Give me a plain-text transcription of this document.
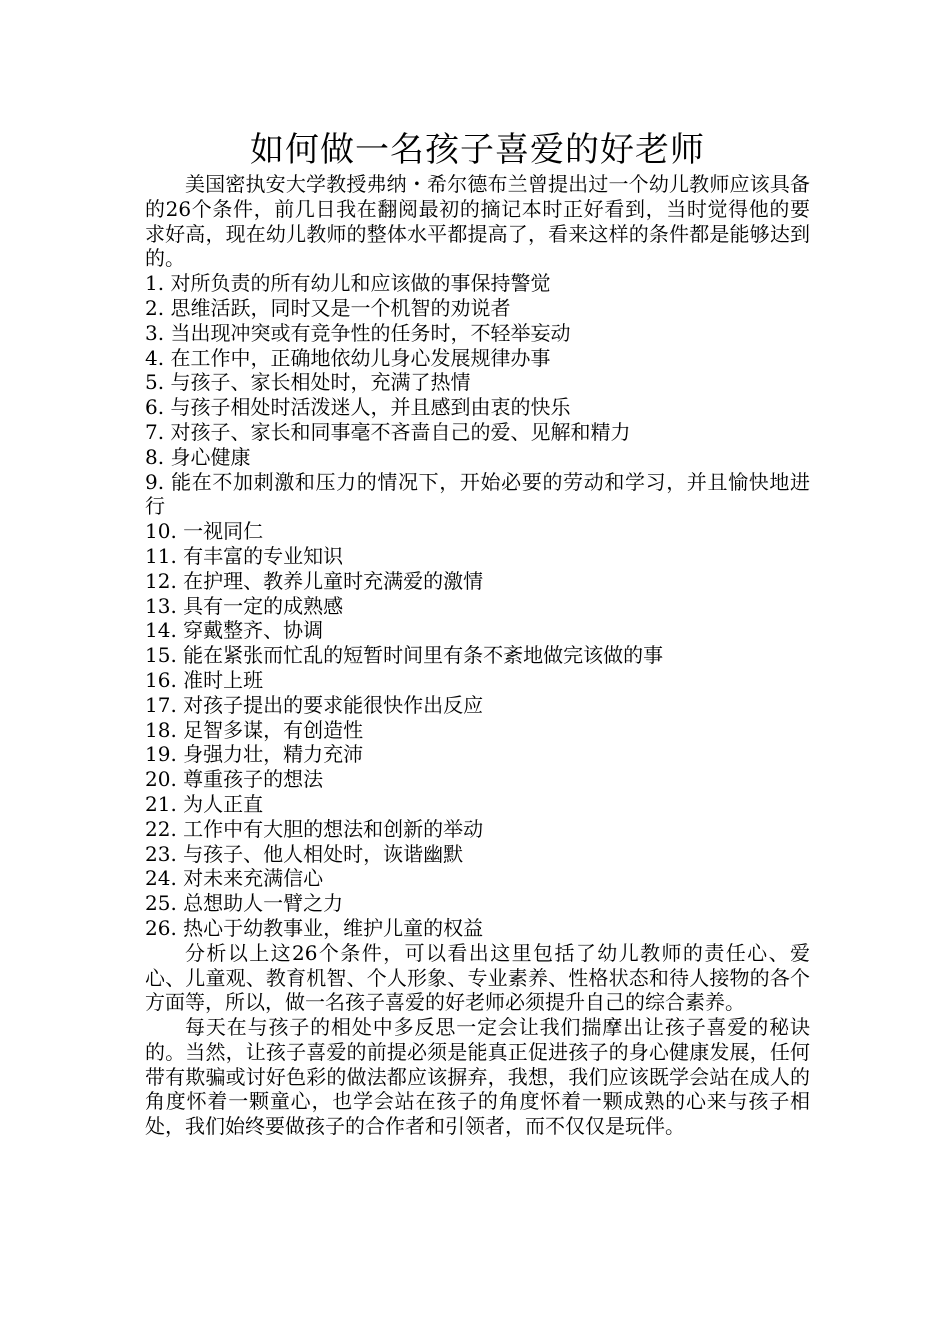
如何做一名孩子喜爱的好老师

美国密执安大学教授弗纳・希尔德布兰曾提出过一个幼儿教师应该具备的26个条件，前几日我在翻阅最初的摘记本时正好看到，当时觉得他的要求好高，现在幼儿教师的整体水平都提高了，看来这样的条件都是能够达到的。

1. 对所负责的所有幼儿和应该做的事保持警觉
2. 思维活跃，同时又是一个机智的劝说者
3. 当出现冲突或有竞争性的任务时，不轻举妄动
4. 在工作中，正确地依幼儿身心发展规律办事
5. 与孩子、家长相处时，充满了热情
6. 与孩子相处时活泼迷人，并且感到由衷的快乐
7. 对孩子、家长和同事毫不吝啬自己的爱、见解和精力
8. 身心健康
9. 能在不加刺激和压力的情况下，开始必要的劳动和学习，并且愉快地进行
10. 一视同仁
11. 有丰富的专业知识
12. 在护理、教养儿童时充满爱的激情
13. 具有一定的成熟感
14. 穿戴整齐、协调
15. 能在紧张而忙乱的短暂时间里有条不紊地做完该做的事
16. 准时上班
17. 对孩子提出的要求能很快作出反应
18. 足智多谋，有创造性
19. 身强力壮，精力充沛
20. 尊重孩子的想法
21. 为人正直
22. 工作中有大胆的想法和创新的举动
23. 与孩子、他人相处时，诙谐幽默
24. 对未来充满信心
25. 总想助人一臂之力
26. 热心于幼教事业，维护儿童的权益

分析以上这26个条件，可以看出这里包括了幼儿教师的责任心、爱心、儿童观、教育机智、个人形象、专业素养、性格状态和待人接物的各个方面等，所以，做一名孩子喜爱的好老师必须提升自己的综合素养。

每天在与孩子的相处中多反思一定会让我们揣摩出让孩子喜爱的秘诀的。当然，让孩子喜爱的前提必须是能真正促进孩子的身心健康发展，任何带有欺骗或讨好色彩的做法都应该摒弃，我想，我们应该既学会站在成人的角度怀着一颗童心，也学会站在孩子的角度怀着一颗成熟的心来与孩子相处，我们始终要做孩子的合作者和引领者，而不仅仅是玩伴。
